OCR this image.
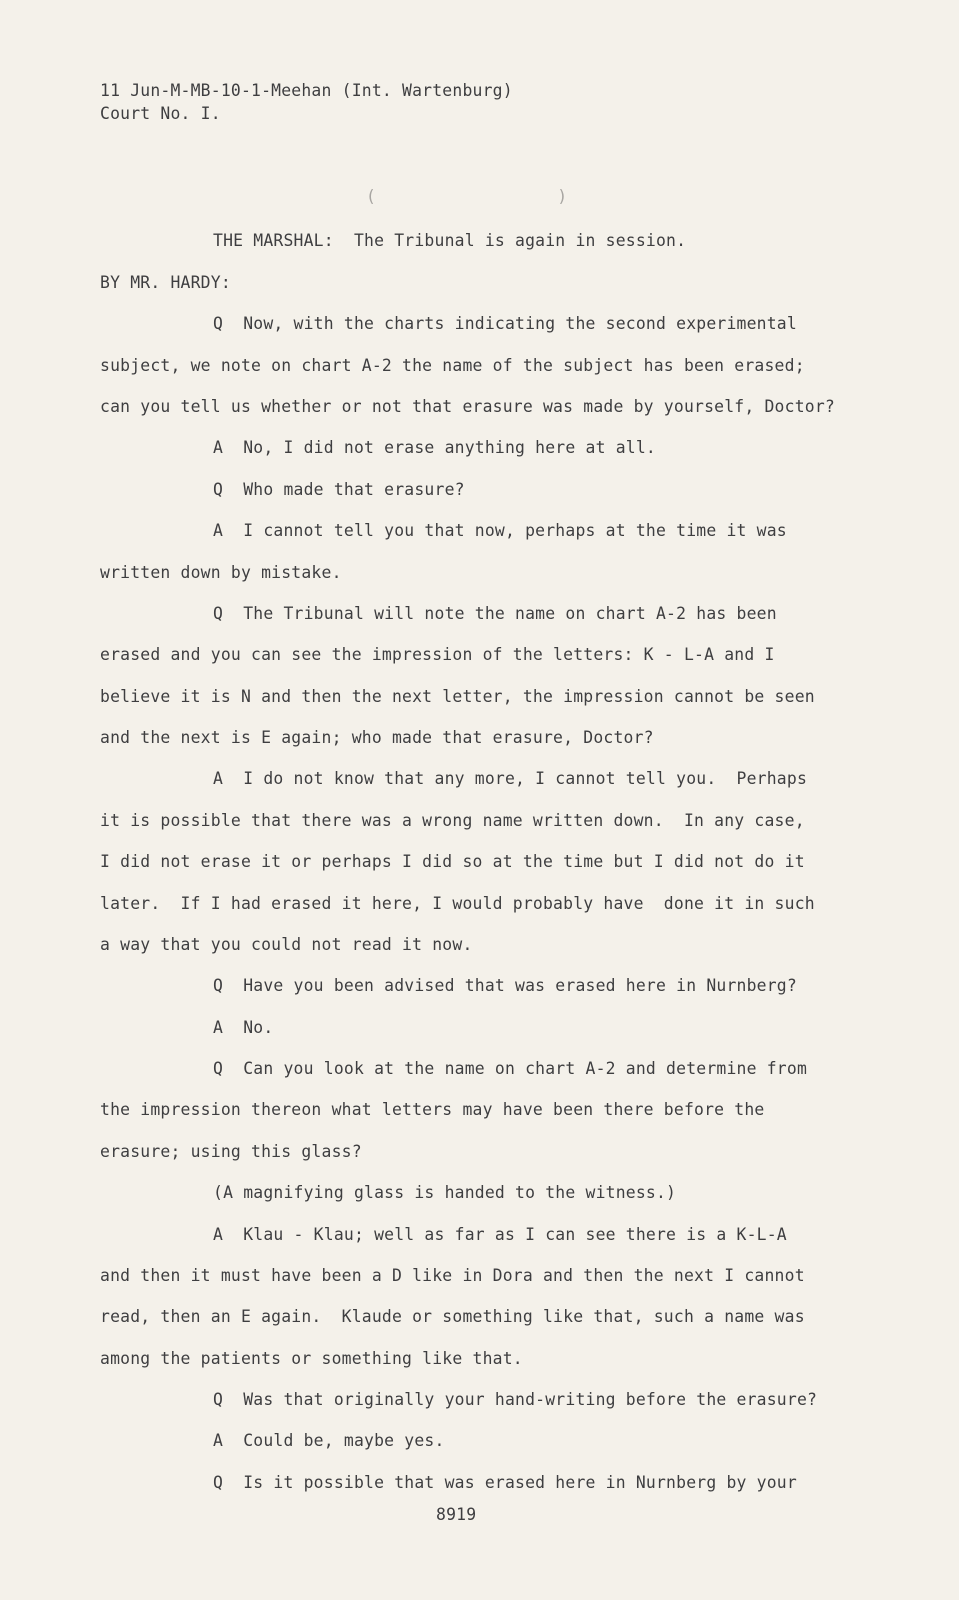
11 Jun-M-MB-10-1-Meehan (Int. Wartenburg)
Court No. I.
(                  )
THE MARSHAL:  The Tribunal is again in session.
BY MR. HARDY:
Q  Now, with the charts indicating the second experimental
subject, we note on chart A-2 the name of the subject has been erased;
can you tell us whether or not that erasure was made by yourself, Doctor?
A  No, I did not erase anything here at all.
Q  Who made that erasure?
A  I cannot tell you that now, perhaps at the time it was
written down by mistake.
Q  The Tribunal will note the name on chart A-2 has been
erased and you can see the impression of the letters: K - L-A and I
believe it is N and then the next letter, the impression cannot be seen
and the next is E again; who made that erasure, Doctor?
A  I do not know that any more, I cannot tell you.  Perhaps
it is possible that there was a wrong name written down.  In any case,
I did not erase it or perhaps I did so at the time but I did not do it
later.  If I had erased it here, I would probably have  done it in such
a way that you could not read it now.
Q  Have you been advised that was erased here in Nurnberg?
A  No.
Q  Can you look at the name on chart A-2 and determine from
the impression thereon what letters may have been there before the
erasure; using this glass?
(A magnifying glass is handed to the witness.)
A  Klau - Klau; well as far as I can see there is a K-L-A
and then it must have been a D like in Dora and then the next I cannot
read, then an E again.  Klaude or something like that, such a name was
among the patients or something like that.
Q  Was that originally your hand-writing before the erasure?
A  Could be, maybe yes.
Q  Is it possible that was erased here in Nurnberg by your
8919
